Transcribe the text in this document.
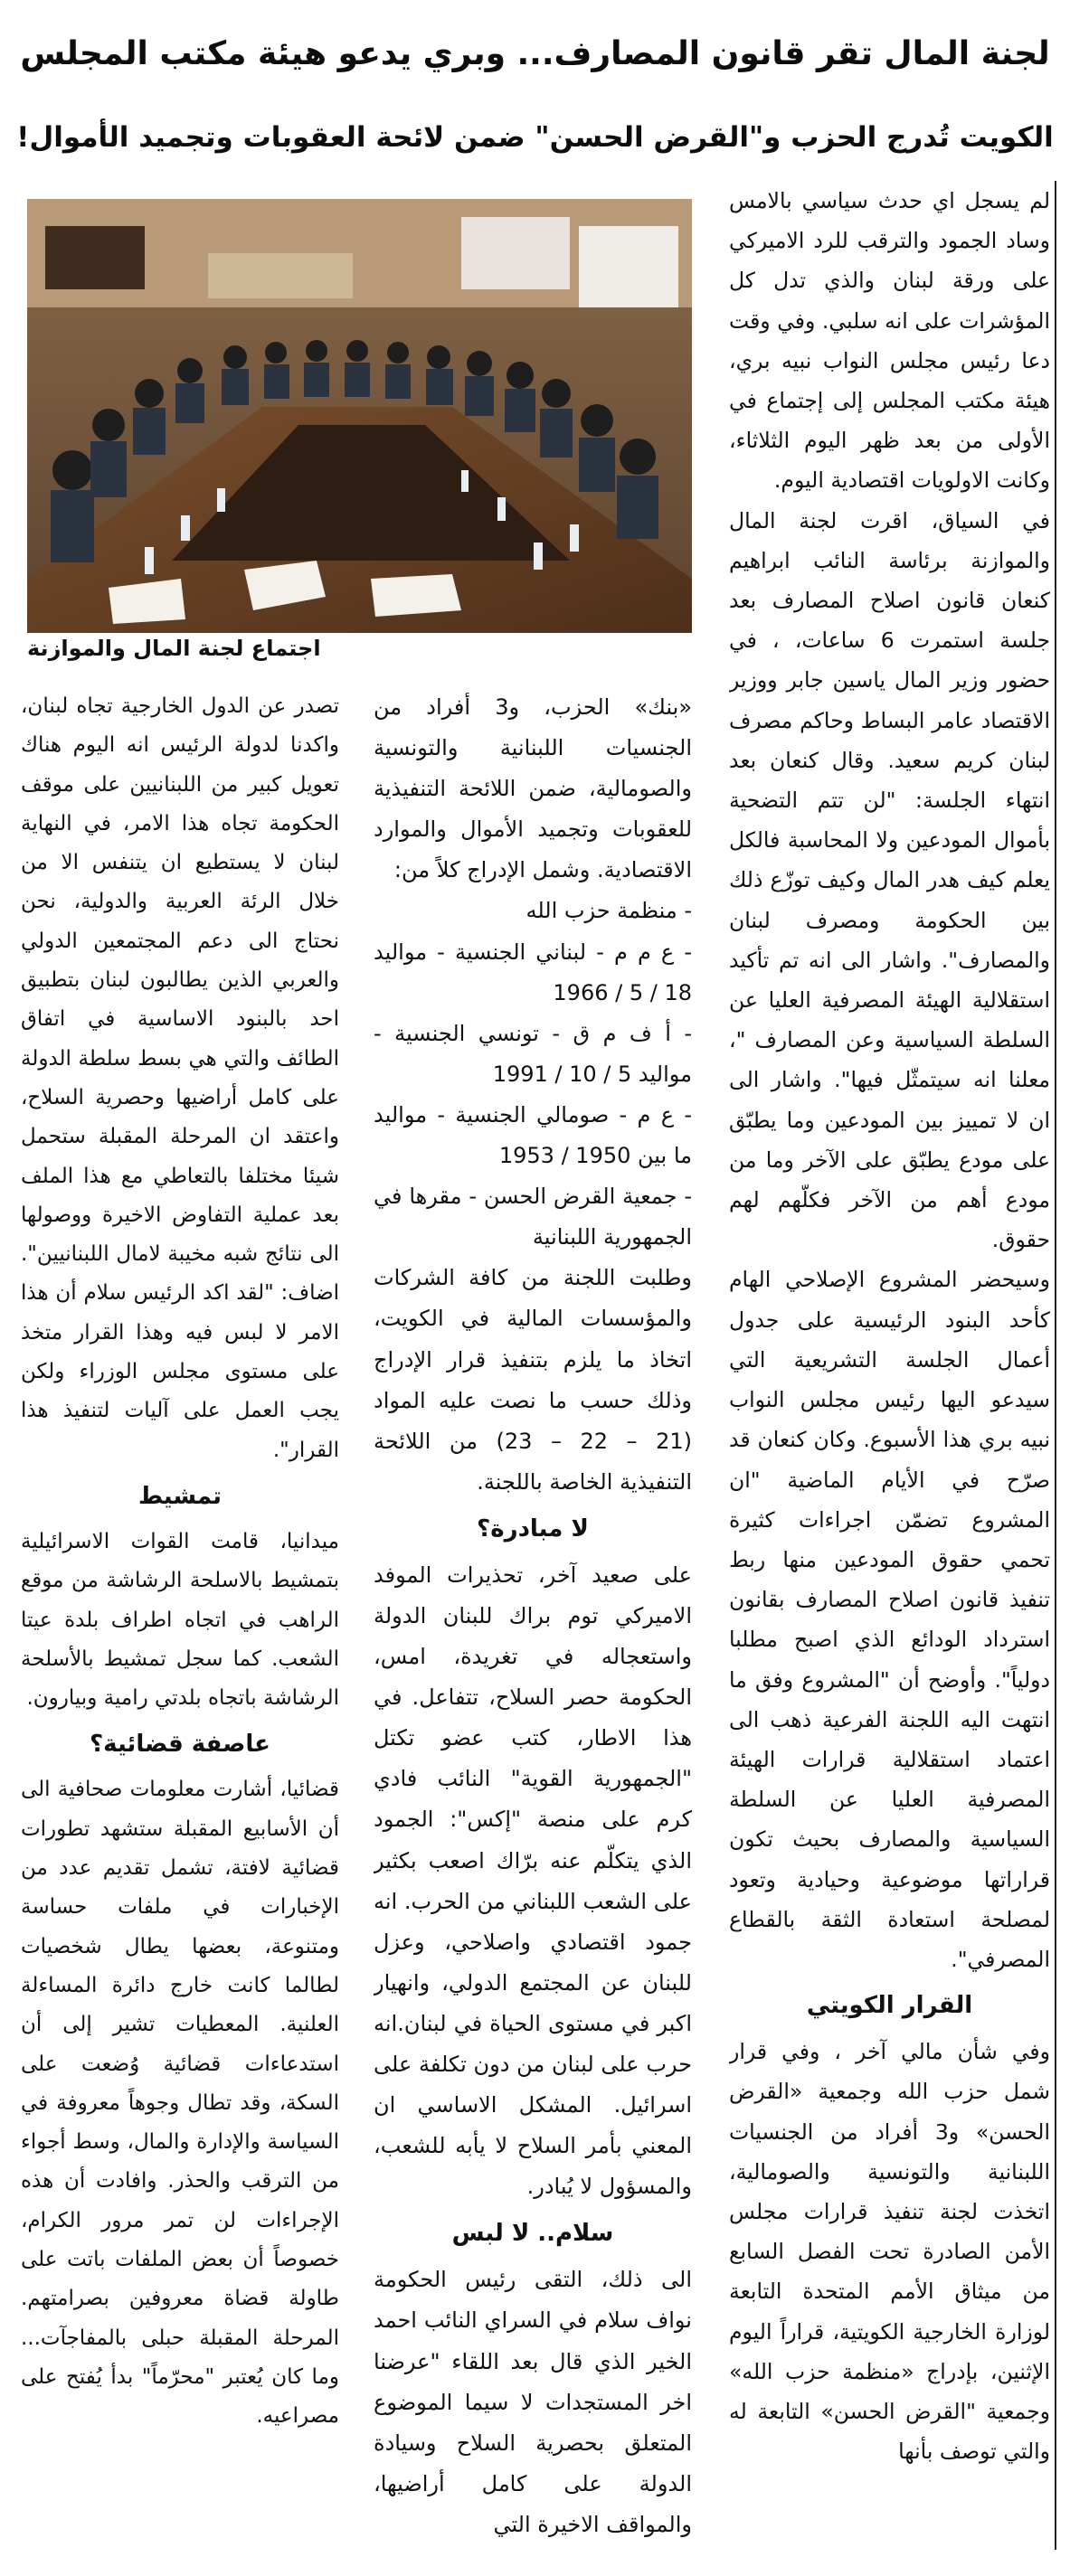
لجنة المال تقر قانون المصارف... وبري يدعو هيئة مكتب المجلس
الكويت تُدرج الحزب و"القرض الحسن" ضمن لائحة العقوبات وتجميد الأموال!
اجتماع لجنة المال والموازنة

لم يسجل اي حدث سياسي بالامس وساد الجمود والترقب للرد الاميركي على ورقة لبنان والذي تدل كل المؤشرات على انه سلبي. وفي وقت دعا رئيس مجلس النواب نبيه بري، هيئة مكتب المجلس إلى إجتماع في الأولى من بعد ظهر اليوم الثلاثاء، وكانت الاولويات اقتصادية اليوم.

في السياق، اقرت لجنة المال والموازنة برئاسة النائب ابراهيم كنعان قانون اصلاح المصارف بعد جلسة استمرت 6 ساعات، ، في حضور وزير المال ياسين جابر ووزير الاقتصاد عامر البساط وحاكم مصرف لبنان كريم سعيد. وقال كنعان بعد انتهاء الجلسة: "لن تتم التضحية بأموال المودعين ولا المحاسبة فالكل يعلم كيف هدر المال وكيف توزّع ذلك بين الحكومة ومصرف لبنان والمصارف". واشار الى انه تم تأكيد استقلالية الهيئة المصرفية العليا عن السلطة السياسية وعن المصارف "، معلنا انه سيتمثّل فيها". واشار الى ان لا تمييز بين المودعين وما يطبّق على مودع يطبّق على الآخر وما من مودع أهم من الآخر فكلّهم لهم حقوق.

وسيحضر المشروع الإصلاحي الهام كأحد البنود الرئيسية على جدول أعمال الجلسة التشريعية التي سيدعو اليها رئيس مجلس النواب نبيه بري هذا الأسبوع. وكان كنعان قد صرّح في الأيام الماضية "ان المشروع تضمّن اجراءات كثيرة تحمي حقوق المودعين منها ربط تنفيذ قانون اصلاح المصارف بقانون استرداد الودائع الذي اصبح مطلبا دولياً". وأوضح أن "المشروع وفق ما انتهت اليه اللجنة الفرعية ذهب الى اعتماد استقلالية قرارات الهيئة المصرفية العليا عن السلطة السياسية والمصارف بحيث تكون قراراتها موضوعية وحيادية وتعود لمصلحة استعادة الثقة بالقطاع المصرفي".

القرار الكويتي

وفي شأن مالي آخر ، وفي قرار شمل حزب الله وجمعية «القرض الحسن» و3 أفراد من الجنسيات اللبنانية والتونسية والصومالية، اتخذت لجنة تنفيذ قرارات مجلس الأمن الصادرة تحت الفصل السابع من ميثاق الأمم المتحدة التابعة لوزارة الخارجية الكويتية، قراراً اليوم الإثنين، بإدراج «منظمة حزب الله» وجمعية "القرض الحسن» التابعة له والتي توصف بأنها

«بنك» الحزب، و3 أفراد من الجنسيات اللبنانية والتونسية والصومالية، ضمن اللائحة التنفيذية للعقوبات وتجميد الأموال والموارد الاقتصادية. وشمل الإدراج كلاً من:

- منظمة حزب الله

- ع م م - لبناني الجنسية - مواليد 18 / 5 / 1966

- أ ف م ق - تونسي الجنسية - مواليد 5 / 10 / 1991

- ع م - صومالي الجنسية - مواليد ما بين 1950 / 1953

- جمعية القرض الحسن - مقرها في الجمهورية اللبنانية

وطلبت اللجنة من كافة الشركات والمؤسسات المالية في الكويت، اتخاذ ما يلزم بتنفيذ قرار الإدراج وذلك حسب ما نصت عليه المواد (21 – 22 – 23) من اللائحة التنفيذية الخاصة باللجنة.

لا مبادرة؟

على صعيد آخر، تحذيرات الموفد الاميركي توم براك للبنان الدولة واستعجاله في تغريدة، امس، الحكومة حصر السلاح، تتفاعل. في هذا الاطار، كتب عضو تكتل "الجمهورية القوية" النائب فادي كرم على منصة "إكس": الجمود الذي يتكلّم عنه برّاك اصعب بكثير على الشعب اللبناني من الحرب. انه جمود اقتصادي واصلاحي، وعزل للبنان عن المجتمع الدولي، وانهيار اكبر في مستوى الحياة في لبنان.انه حرب على لبنان من دون تكلفة على اسرائيل. المشكل الاساسي ان المعني بأمر السلاح لا يأبه للشعب، والمسؤول لا يُبادر.

سلام.. لا لبس

الى ذلك، التقى رئيس الحكومة نواف سلام في السراي النائب احمد الخير الذي قال بعد اللقاء "عرضنا اخر المستجدات لا سيما الموضوع المتعلق بحصرية السلاح وسيادة الدولة على كامل أراضيها، والمواقف الاخيرة التي

تصدر عن الدول الخارجية تجاه لبنان، واكدنا لدولة الرئيس انه اليوم هناك تعويل كبير من اللبنانيين على موقف الحكومة تجاه هذا الامر، في النهاية لبنان لا يستطيع ان يتنفس الا من خلال الرئة العربية والدولية، نحن نحتاج الى دعم المجتمعين الدولي والعربي الذين يطالبون لبنان بتطبيق احد بالبنود الاساسية في اتفاق الطائف والتي هي بسط سلطة الدولة على كامل أراضيها وحصرية السلاح، واعتقد ان المرحلة المقبلة ستحمل شيئا مختلفا بالتعاطي مع هذا الملف بعد عملية التفاوض الاخيرة ووصولها الى نتائج شبه مخيبة لامال اللبنانيين". اضاف: "لقد اكد الرئيس سلام أن هذا الامر لا لبس فيه وهذا القرار متخذ على مستوى مجلس الوزراء ولكن يجب العمل على آليات لتنفيذ هذا القرار".

تمشيط

ميدانيا، قامت القوات الاسرائيلية بتمشيط بالاسلحة الرشاشة من موقع الراهب في اتجاه اطراف بلدة عيتا الشعب. كما سجل تمشيط بالأسلحة الرشاشة باتجاه بلدتي رامية وبيارون.

عاصفة قضائية؟

قضائيا، أشارت معلومات صحافية الى أن الأسابيع المقبلة ستشهد تطورات قضائية لافتة، تشمل تقديم عدد من الإخبارات في ملفات حساسة ومتنوعة، بعضها يطال شخصيات لطالما كانت خارج دائرة المساءلة العلنية. المعطيات تشير إلى أن استدعاءات قضائية وُضعت على السكة، وقد تطال وجوهاً معروفة في السياسة والإدارة والمال، وسط أجواء من الترقب والحذر. وافادت أن هذه الإجراءات لن تمر مرور الكرام، خصوصاً أن بعض الملفات باتت على طاولة قضاة معروفين بصرامتهم. المرحلة المقبلة حبلى بالمفاجآت... وما كان يُعتبر "محرّماً" بدأ يُفتح على مصراعيه.
